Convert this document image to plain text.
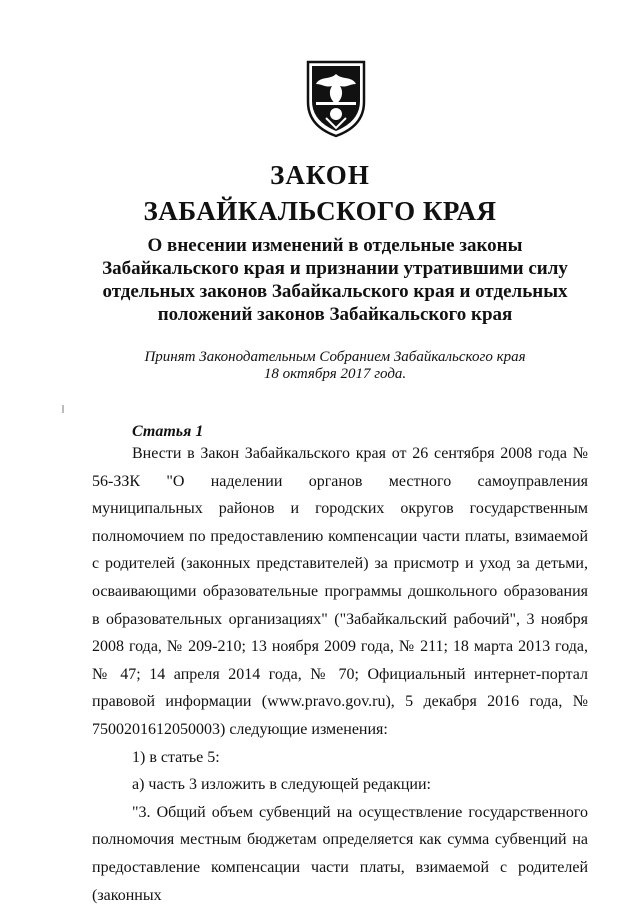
ЗАКОН
ЗАБАЙКАЛЬСКОГО КРАЯ
О внесении изменений в отдельные законы Забайкальского края и признании утратившими силу отдельных законов Забайкальского края и отдельных положений законов Забайкальского края
Принят Законодательным Собранием Забайкальского края
18 октября 2017 года.
Статья 1

Внести в Закон Забайкальского края от 26 сентября 2008 года № 56-ЗЗК "О наделении органов местного самоуправления муниципальных районов и городских округов государственным полномочием по предоставлению компенсации части платы, взимаемой с родителей (законных представителей) за присмотр и уход за детьми, осваивающими образовательные программы дошкольного образования в образовательных организациях" ("Забайкальский рабочий", 3 ноября 2008 года, № 209-210; 13 ноября 2009 года, № 211; 18 марта 2013 года, № 47; 14 апреля 2014 года, № 70; Официальный интернет-портал правовой информации (www.pravo.gov.ru), 5 декабря 2016 года, № 7500201612050003) следующие изменения:

1) в статье 5:

а) часть 3 изложить в следующей редакции:

"3. Общий объем субвенций на осуществление государственного полномочия местным бюджетам определяется как сумма субвенций на предоставление компенсации части платы, взимаемой с родителей (законных
